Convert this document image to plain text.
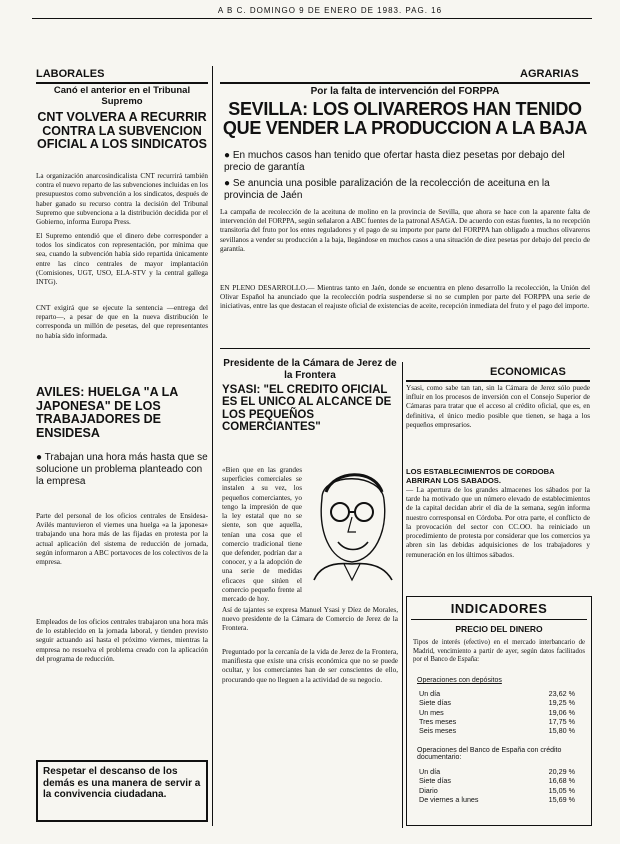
A B C. DOMINGO 9 DE ENERO DE 1983. PAG. 16
LABORALES
Canó el anterior en el Tribunal Supremo
CNT VOLVERA A RECURRIR CONTRA LA SUBVENCION OFICIAL A LOS SINDICATOS
La organización anarcosindicalista CNT recurrirá también contra el nuevo reparto de las subvenciones incluidas en los presupuestos como subvención a los sindicatos, después de haber ganado su recurso contra la decisión del Tribunal Supremo que subvenciona a la distribución decidida por el Gobierno, informa Europa Press.
El Supremo entendió que el dinero debe corresponder a todos los sindicatos con representación, por mínima que sea, cuando la subvención había sido repartida únicamente entre las cinco centrales de mayor implantación (Comisiones, UGT, USO, ELA-STV y la central gallega INTG).
CNT exigirá que se ejecute la sentencia —entrega del reparto—, a pesar de que en la nueva distribución le corresponda un millón de pesetas, del que representantes no había sido informada.
AVILES: HUELGA "A LA JAPONESA" DE LOS TRABAJADORES DE ENSIDESA
● Trabajan una hora más hasta que se solucione un problema planteado con la empresa
Parte del personal de los oficios centrales de Ensidesa-Avilés mantuvieron el viernes una huelga «a la japonesa» trabajando una hora más de las fijadas en protesta por la actual aplicación del sistema de reducción de jornada, según informaron a ABC portavoces de los colectivos de la empresa.
Empleados de los oficios centrales trabajaron una hora más de lo establecido en la jornada laboral, y tienden previsto seguir actuando así hasta el próximo viernes, mientras la empresa no resuelva el problema creado con la aplicación del programa de reducción.
Respetar el descanso de los demás es una manera de servir a la convivencia ciudadana.
AGRARIAS
Por la falta de intervención del FORPPA
SEVILLA: LOS OLIVAREROS HAN TENIDO QUE VENDER LA PRODUCCION A LA BAJA
● En muchos casos han tenido que ofertar hasta diez pesetas por debajo del precio de garantía
● Se anuncia una posible paralización de la recolección de aceituna en la provincia de Jaén
La campaña de recolección de la aceituna de molino en la provincia de Sevilla, que ahora se hace con la aparente falta de intervención del FORPPA, según señalaron a ABC fuentes de la patronal ASAGA. De acuerdo con estas fuentes, la no recepción transitoria del fruto por los entes reguladores y el pago de su importe por parte del FORPPA han obligado a muchos olivareros sevillanos a vender su producción a la baja, llegándose en muchos casos a una situación de diez pesetas por debajo del precio de garantía.
EN PLENO DESARROLLO.— Mientras tanto en Jaén, donde se encuentra en pleno desarrollo la recolección, la Unión del Olivar Español ha anunciado que la recolección podría suspenderse si no se cumplen por parte del FORPPA una serie de iniciativas, entre las que destacan el reajuste oficial de existencias de aceite, recepción inmediata del fruto y el pago del importe.
Presidente de la Cámara de Jerez de la Frontera
YSASI: "EL CREDITO OFICIAL ES EL UNICO AL ALCANCE DE LOS PEQUEÑOS COMERCIANTES"
«Bien que en las grandes superficies comerciales se instalen a su vez, los pequeños comerciantes, yo tengo la impresión de que la ley estatal que no se siente, son que aquella, tenían una cosa que el comercio tradicional tiene que defender, podrían dar a conocer, y a la adopción de una serie de medidas eficaces que sitúen el comercio pequeño frente al mercado de hoy.
Así de tajantes se expresa Manuel Ysasi y Díez de Morales, nuevo presidente de la Cámara de Comercio de Jerez de la Frontera.
Preguntado por la cercanía de la vida de Jerez de la Frontera, manifiesta que existe una crisis económica que no se puede ocultar, y los comerciantes han de ser conscientes de ello, procurando que no lleguen a la actividad de su negocio.
ECONOMICAS
Ysasi, como sabe tan tan, sin la Cámara de Jerez sólo puede influir en los procesos de inversión con el Consejo Superior de Cámaras para tratar que el acceso al crédito oficial, que es, en definitiva, el único medio posible que tienen, se haga a los pequeños empresarios.
LOS ESTABLECIMIENTOS DE CORDOBA ABRIRAN LOS SABADOS.
— La apertura de los grandes almacenes los sábados por la tarde ha motivado que un número elevado de establecimientos de la capital decidan abrir el día de la semana, según informa nuestro corresponsal en Córdoba. Por otra parte, el conflicto de la provocación del sector con CC.OO. ha reiniciado un procedimiento de protesta por considerar que los comercios ya abren sin las debidas adquisiciones de los trabajadores y remuneración en los últimos sábados.
INDICADORES
PRECIO DEL DINERO
Tipos de interés (efectivo) en el mercado interbancario de Madrid, vencimiento a partir de ayer, según datos facilitados por el Banco de España:
Operaciones con depósitos
Un día	23,62 %
Siete días	19,25 %
Un mes	19,06 %
Tres meses	17,75 %
Seis meses	15,80 %
Operaciones del Banco de España con crédito documentario:
Un día	20,29 %
Siete días	16,68 %
Diario	15,05 %
De viernes a lunes	15,69 %
